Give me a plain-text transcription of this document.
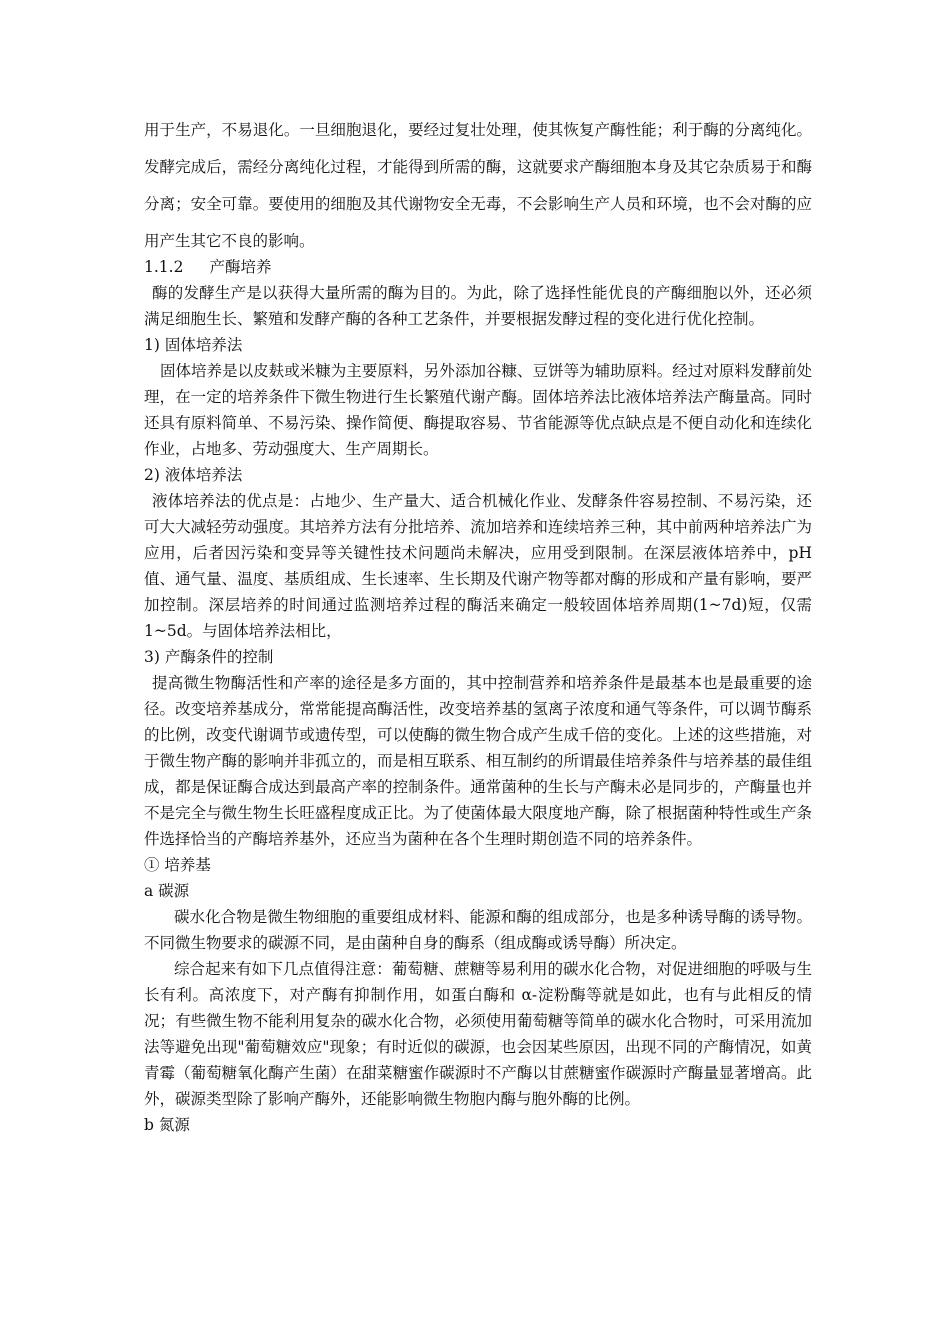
用于生产，不易退化。一旦细胞退化，要经过复壮处理，使其恢复产酶性能；利于酶的分离纯化。发酵完成后，需经分离纯化过程，才能得到所需的酶，这就要求产酶细胞本身及其它杂质易于和酶分离；安全可靠。要使用的细胞及其代谢物安全无毒，不会影响生产人员和环境，也不会对酶的应用产生其它不良的影响。

1.1.2 产酶培养

酶的发酵生产是以获得大量所需的酶为目的。为此，除了选择性能优良的产酶细胞以外，还必须满足细胞生长、繁殖和发酵产酶的各种工艺条件，并要根据发酵过程的变化进行优化控制。

1) 固体培养法

固体培养是以皮麸或米糠为主要原料，另外添加谷糠、豆饼等为辅助原料。经过对原料发酵前处理，在一定的培养条件下微生物进行生长繁殖代谢产酶。固体培养法比液体培养法产酶量高。同时还具有原料简单、不易污染、操作简便、酶提取容易、节省能源等优点缺点是不便自动化和连续化作业，占地多、劳动强度大、生产周期长。

2) 液体培养法

液体培养法的优点是：占地少、生产量大、适合机械化作业、发酵条件容易控制、不易污染，还可大大减轻劳动强度。其培养方法有分批培养、流加培养和连续培养三种，其中前两种培养法广为应用，后者因污染和变异等关键性技术问题尚未解决，应用受到限制。在深层液体培养中，pH 值、通气量、温度、基质组成、生长速率、生长期及代谢产物等都对酶的形成和产量有影响，要严加控制。深层培养的时间通过监测培养过程的酶活来确定一般较固体培养周期(1~7d)短，仅需 1~5d。与固体培养法相比，

3) 产酶条件的控制

提高微生物酶活性和产率的途径是多方面的，其中控制营养和培养条件是最基本也是最重要的途径。改变培养基成分，常常能提高酶活性，改变培养基的氢离子浓度和通气等条件，可以调节酶系的比例，改变代谢调节或遗传型，可以使酶的微生物合成产生成千倍的变化。上述的这些措施，对于微生物产酶的影响并非孤立的，而是相互联系、相互制约的所谓最佳培养条件与培养基的最佳组成，都是保证酶合成达到最高产率的控制条件。通常菌种的生长与产酶未必是同步的，产酶量也并不是完全与微生物生长旺盛程度成正比。为了使菌体最大限度地产酶，除了根据菌种特性或生产条件选择恰当的产酶培养基外，还应当为菌种在各个生理时期创造不同的培养条件。

① 培养基
a 碳源

碳水化合物是微生物细胞的重要组成材料、能源和酶的组成部分，也是多种诱导酶的诱导物。不同微生物要求的碳源不同，是由菌种自身的酶系（组成酶或诱导酶）所决定。

综合起来有如下几点值得注意：葡萄糖、蔗糖等易利用的碳水化合物，对促进细胞的呼吸与生长有利。高浓度下，对产酶有抑制作用，如蛋白酶和 α-淀粉酶等就是如此，也有与此相反的情况；有些微生物不能利用复杂的碳水化合物，必须使用葡萄糖等简单的碳水化合物时，可采用流加法等避免出现"葡萄糖效应"现象；有时近似的碳源，也会因某些原因，出现不同的产酶情况，如黄青霉（葡萄糖氧化酶产生菌）在甜菜糖蜜作碳源时不产酶以甘蔗糖蜜作碳源时产酶量显著增高。此外，碳源类型除了影响产酶外，还能影响微生物胞内酶与胞外酶的比例。

b 氮源
